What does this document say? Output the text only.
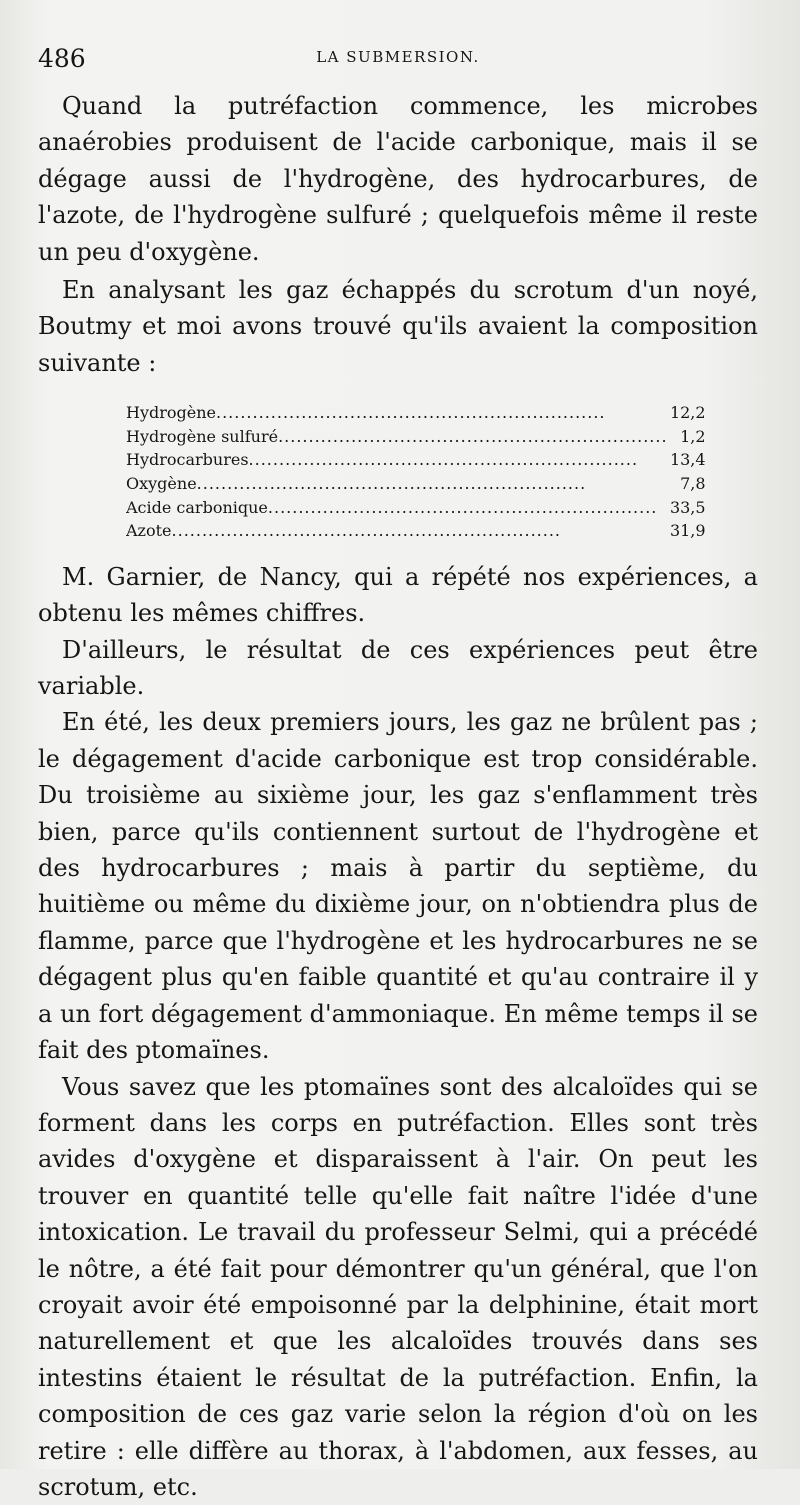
486	LA SUBMERSION.

Quand la putréfaction commence, les microbes anaérobies produisent de l'acide carbonique, mais il se dégage aussi de l'hydrogène, des hydrocarbures, de l'azote, de l'hydrogène sulfuré ; quelquefois même il reste un peu d'oxygène.

En analysant les gaz échappés du scrotum d'un noyé, Boutmy et moi avons trouvé qu'ils avaient la composition suivante :

Hydrogène................................................................	12,2
Hydrogène sulfuré................................................................	1,2
Hydrocarbures................................................................	13,4
Oxygène................................................................	7,8
Acide carbonique................................................................	33,5
Azote................................................................	31,9

M. Garnier, de Nancy, qui a répété nos expériences, a obtenu les mêmes chiffres.

D'ailleurs, le résultat de ces expériences peut être variable.

En été, les deux premiers jours, les gaz ne brûlent pas ; le dégagement d'acide carbonique est trop considérable. Du troisième au sixième jour, les gaz s'enflamment très bien, parce qu'ils contiennent surtout de l'hydrogène et des hydrocarbures ; mais à partir du septième, du huitième ou même du dixième jour, on n'obtiendra plus de flamme, parce que l'hydrogène et les hydrocarbures ne se dégagent plus qu'en faible quantité et qu'au contraire il y a un fort dégagement d'ammoniaque. En même temps il se fait des ptomaïnes.

Vous savez que les ptomaïnes sont des alcaloïdes qui se forment dans les corps en putréfaction. Elles sont très avides d'oxygène et disparaissent à l'air. On peut les trouver en quantité telle qu'elle fait naître l'idée d'une intoxication. Le travail du professeur Selmi, qui a précédé le nôtre, a été fait pour démontrer qu'un général, que l'on croyait avoir été empoisonné par la delphinine, était mort naturellement et que les alcaloïdes trouvés dans ses intestins étaient le résultat de la putréfaction. Enfin, la composition de ces gaz varie selon la région d'où on les retire : elle diffère au thorax, à l'abdomen, aux fesses, au scrotum, etc.
